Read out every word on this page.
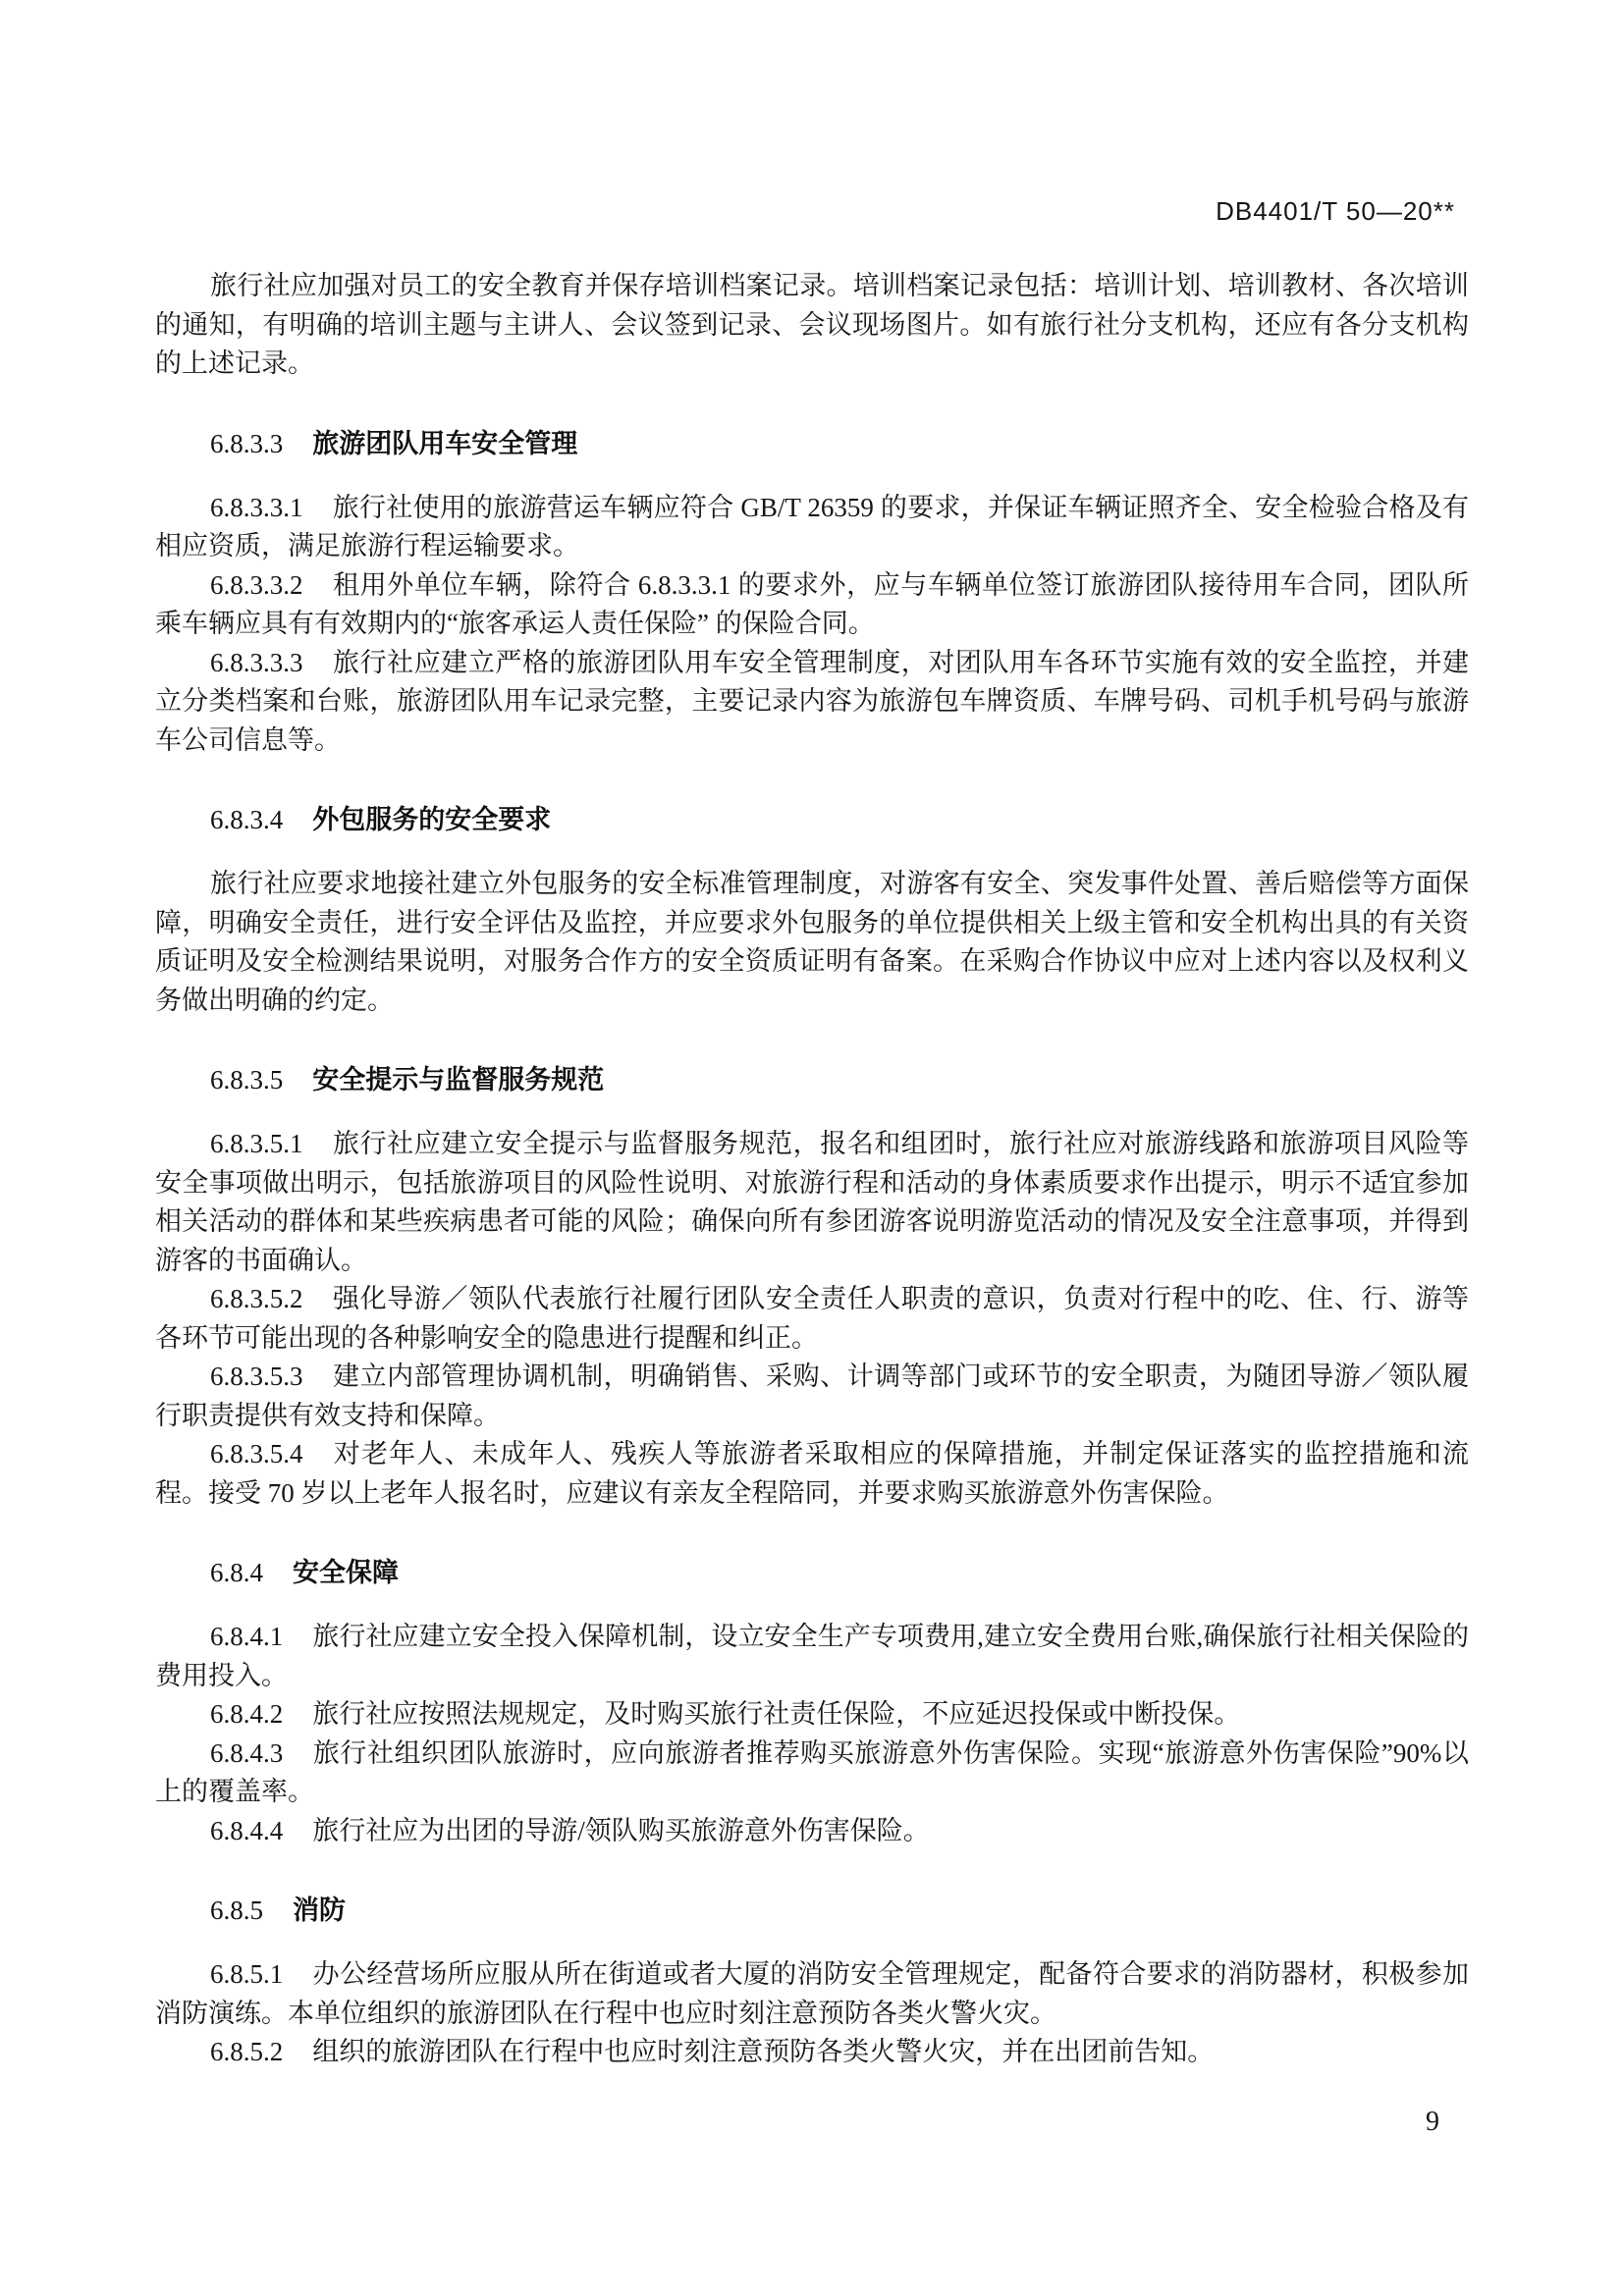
DB4401/T 50—20**

旅行社应加强对员工的安全教育并保存培训档案记录。培训档案记录包括：培训计划、培训教材、各次培训的通知，有明确的培训主题与主讲人、会议签到记录、会议现场图片。如有旅行社分支机构，还应有各分支机构的上述记录。

6.8.3.3 旅游团队用车安全管理

6.8.3.3.1 旅行社使用的旅游营运车辆应符合 GB/T 26359 的要求，并保证车辆证照齐全、安全检验合格及有相应资质，满足旅游行程运输要求。

6.8.3.3.2 租用外单位车辆，除符合 6.8.3.3.1 的要求外，应与车辆单位签订旅游团队接待用车合同，团队所乘车辆应具有有效期内的“旅客承运人责任保险” 的保险合同。

6.8.3.3.3 旅行社应建立严格的旅游团队用车安全管理制度，对团队用车各环节实施有效的安全监控，并建立分类档案和台账，旅游团队用车记录完整，主要记录内容为旅游包车牌资质、车牌号码、司机手机号码与旅游车公司信息等。

6.8.3.4 外包服务的安全要求

旅行社应要求地接社建立外包服务的安全标准管理制度，对游客有安全、突发事件处置、善后赔偿等方面保障，明确安全责任，进行安全评估及监控，并应要求外包服务的单位提供相关上级主管和安全机构出具的有关资质证明及安全检测结果说明，对服务合作方的安全资质证明有备案。在采购合作协议中应对上述内容以及权利义务做出明确的约定。

6.8.3.5 安全提示与监督服务规范

6.8.3.5.1 旅行社应建立安全提示与监督服务规范，报名和组团时，旅行社应对旅游线路和旅游项目风险等安全事项做出明示，包括旅游项目的风险性说明、对旅游行程和活动的身体素质要求作出提示，明示不适宜参加相关活动的群体和某些疾病患者可能的风险；确保向所有参团游客说明游览活动的情况及安全注意事项，并得到游客的书面确认。

6.8.3.5.2 强化导游／领队代表旅行社履行团队安全责任人职责的意识，负责对行程中的吃、住、行、游等各环节可能出现的各种影响安全的隐患进行提醒和纠正。

6.8.3.5.3 建立内部管理协调机制，明确销售、采购、计调等部门或环节的安全职责，为随团导游／领队履行职责提供有效支持和保障。

6.8.3.5.4 对老年人、未成年人、残疾人等旅游者采取相应的保障措施，并制定保证落实的监控措施和流程。接受 70 岁以上老年人报名时，应建议有亲友全程陪同，并要求购买旅游意外伤害保险。

6.8.4 安全保障

6.8.4.1 旅行社应建立安全投入保障机制，设立安全生产专项费用,建立安全费用台账,确保旅行社相关保险的费用投入。

6.8.4.2 旅行社应按照法规规定，及时购买旅行社责任保险，不应延迟投保或中断投保。

6.8.4.3 旅行社组织团队旅游时，应向旅游者推荐购买旅游意外伤害保险。实现“旅游意外伤害保险”90%以上的覆盖率。

6.8.4.4 旅行社应为出团的导游/领队购买旅游意外伤害保险。

6.8.5 消防

6.8.5.1 办公经营场所应服从所在街道或者大厦的消防安全管理规定，配备符合要求的消防器材，积极参加消防演练。本单位组织的旅游团队在行程中也应时刻注意预防各类火警火灾。

6.8.5.2 组织的旅游团队在行程中也应时刻注意预防各类火警火灾，并在出团前告知。

9
